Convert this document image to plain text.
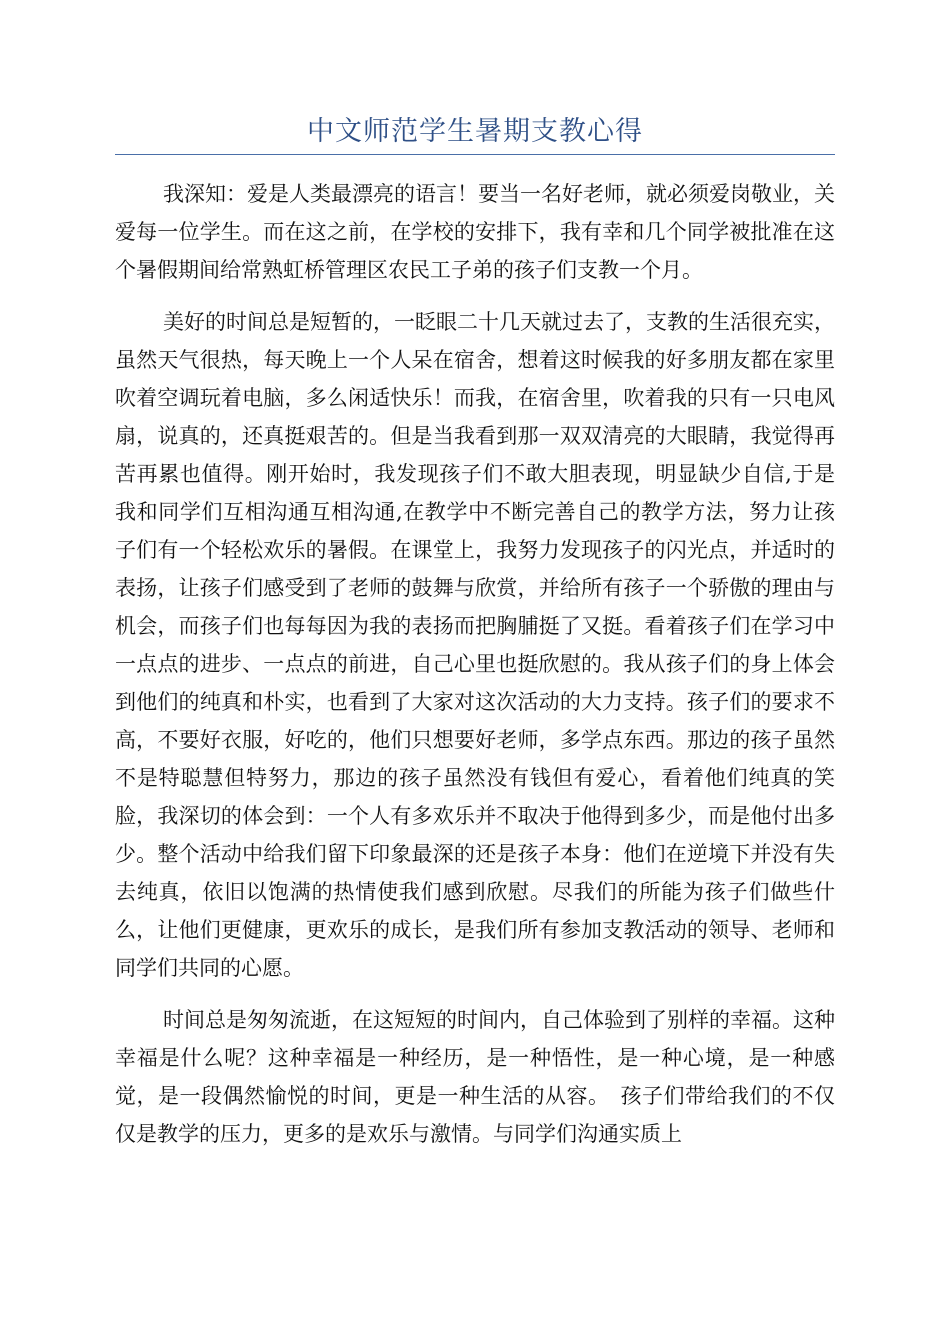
中文师范学生暑期支教心得

我深知：爱是人类最漂亮的语言！要当一名好老师，就必须爱岗敬业，关爱每一位学生。而在这之前，在学校的安排下，我有幸和几个同学被批准在这个暑假期间给常熟虹桥管理区农民工子弟的孩子们支教一个月。

美好的时间总是短暂的，一眨眼二十几天就过去了，支教的生活很充实，虽然天气很热，每天晚上一个人呆在宿舍，想着这时候我的好多朋友都在家里吹着空调玩着电脑，多么闲适快乐！而我，在宿舍里，吹着我的只有一只电风扇，说真的，还真挺艰苦的。但是当我看到那一双双清亮的大眼睛，我觉得再苦再累也值得。刚开始时，我发现孩子们不敢大胆表现，明显缺少自信,于是我和同学们互相沟通互相沟通,在教学中不断完善自己的教学方法，努力让孩子们有一个轻松欢乐的暑假。在课堂上，我努力发现孩子的闪光点，并适时的表扬，让孩子们感受到了老师的鼓舞与欣赏，并给所有孩子一个骄傲的理由与机会，而孩子们也每每因为我的表扬而把胸脯挺了又挺。看着孩子们在学习中一点点的进步、一点点的前进，自己心里也挺欣慰的。我从孩子们的身上体会到他们的纯真和朴实，也看到了大家对这次活动的大力支持。孩子们的要求不高，不要好衣服，好吃的，他们只想要好老师，多学点东西。那边的孩子虽然不是特聪慧但特努力，那边的孩子虽然没有钱但有爱心，看着他们纯真的笑脸，我深切的体会到：一个人有多欢乐并不取决于他得到多少，而是他付出多少。整个活动中给我们留下印象最深的还是孩子本身：他们在逆境下并没有失去纯真，依旧以饱满的热情使我们感到欣慰。尽我们的所能为孩子们做些什么，让他们更健康，更欢乐的成长，是我们所有参加支教活动的领导、老师和同学们共同的心愿。

时间总是匆匆流逝，在这短短的时间内，自己体验到了别样的幸福。这种幸福是什么呢？这种幸福是一种经历，是一种悟性，是一种心境，是一种感觉，是一段偶然愉悦的时间，更是一种生活的从容。　孩子们带给我们的不仅仅是教学的压力，更多的是欢乐与激情。与同学们沟通实质上
